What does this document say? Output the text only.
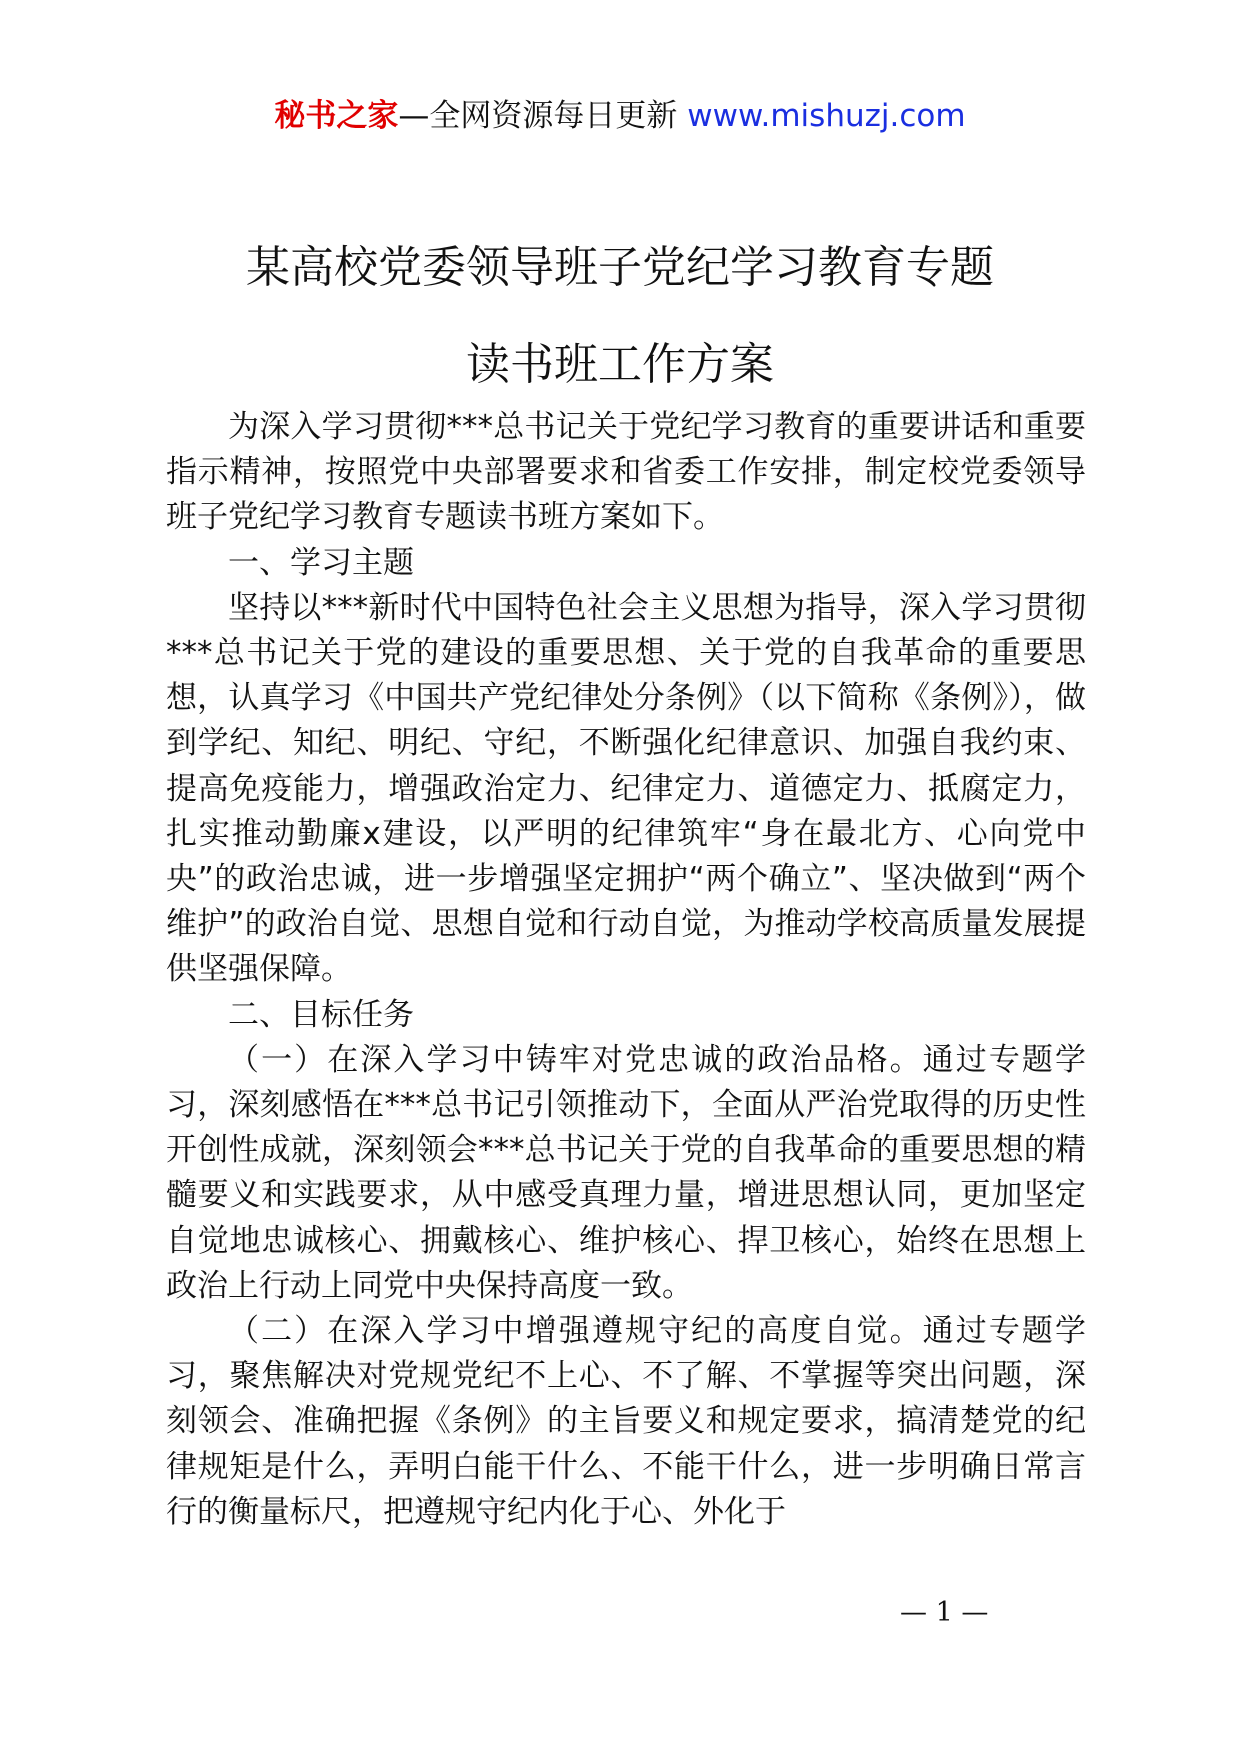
秘书之家—全网资源每日更新 www.mishuzj.com
某高校党委领导班子党纪学习教育专题
读书班工作方案

为深入学习贯彻***总书记关于党纪学习教育的重要讲话和重要指示精神，按照党中央部署要求和省委工作安排，制定校党委领导班子党纪学习教育专题读书班方案如下。

一、学习主题

坚持以***新时代中国特色社会主义思想为指导，深入学习贯彻***总书记关于党的建设的重要思想、关于党的自我革命的重要思想，认真学习《中国共产党纪律处分条例》（以下简称《条例》），做到学纪、知纪、明纪、守纪，不断强化纪律意识、加强自我约束、提高免疫能力，增强政治定力、纪律定力、道德定力、抵腐定力，扎实推动勤廉x建设，以严明的纪律筑牢“身在最北方、心向党中央”的政治忠诚，进一步增强坚定拥护“两个确立”、坚决做到“两个维护”的政治自觉、思想自觉和行动自觉，为推动学校高质量发展提供坚强保障。

二、目标任务

（一）在深入学习中铸牢对党忠诚的政治品格。通过专题学习，深刻感悟在***总书记引领推动下，全面从严治党取得的历史性开创性成就，深刻领会***总书记关于党的自我革命的重要思想的精髓要义和实践要求，从中感受真理力量，增进思想认同，更加坚定自觉地忠诚核心、拥戴核心、维护核心、捍卫核心，始终在思想上政治上行动上同党中央保持高度一致。

（二）在深入学习中增强遵规守纪的高度自觉。通过专题学习，聚焦解决对党规党纪不上心、不了解、不掌握等突出问题，深刻领会、准确把握《条例》的主旨要义和规定要求，搞清楚党的纪律规矩是什么，弄明白能干什么、不能干什么，进一步明确日常言行的衡量标尺，把遵规守纪内化于心、外化于

— 1 —
